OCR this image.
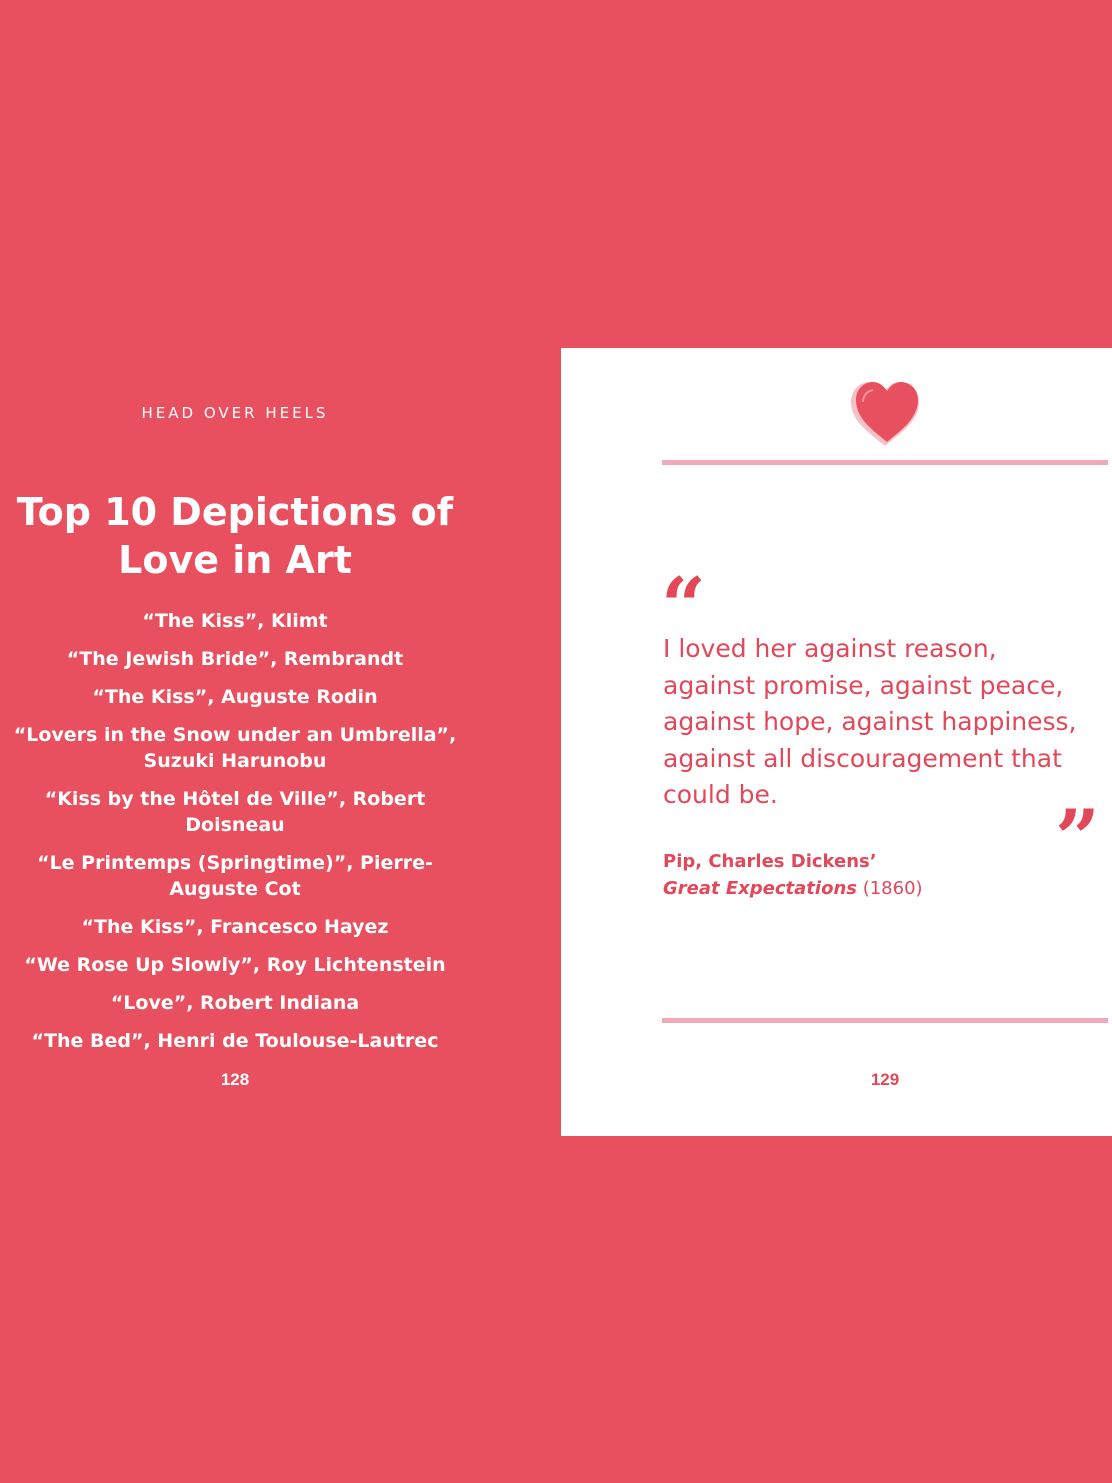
HEAD OVER HEELS
Top 10 Depictions of
Love in Art
“The Kiss”, Klimt
“The Jewish Bride”, Rembrandt
“The Kiss”, Auguste Rodin
“Lovers in the Snow under an Umbrella”,
Suzuki Harunobu
“Kiss by the Hôtel de Ville”, Robert Doisneau
“Le Printemps (Springtime)”, Pierre-Auguste Cot
“The Kiss”, Francesco Hayez
“We Rose Up Slowly”, Roy Lichtenstein
“Love”, Robert Indiana
“The Bed”, Henri de Toulouse-Lautrec
128
“

I loved her against reason,
against promise, against peace,
against hope, against happiness,
against all discouragement that
could be.	”
Pip, Charles Dickens’
Great Expectations (1860)
129
